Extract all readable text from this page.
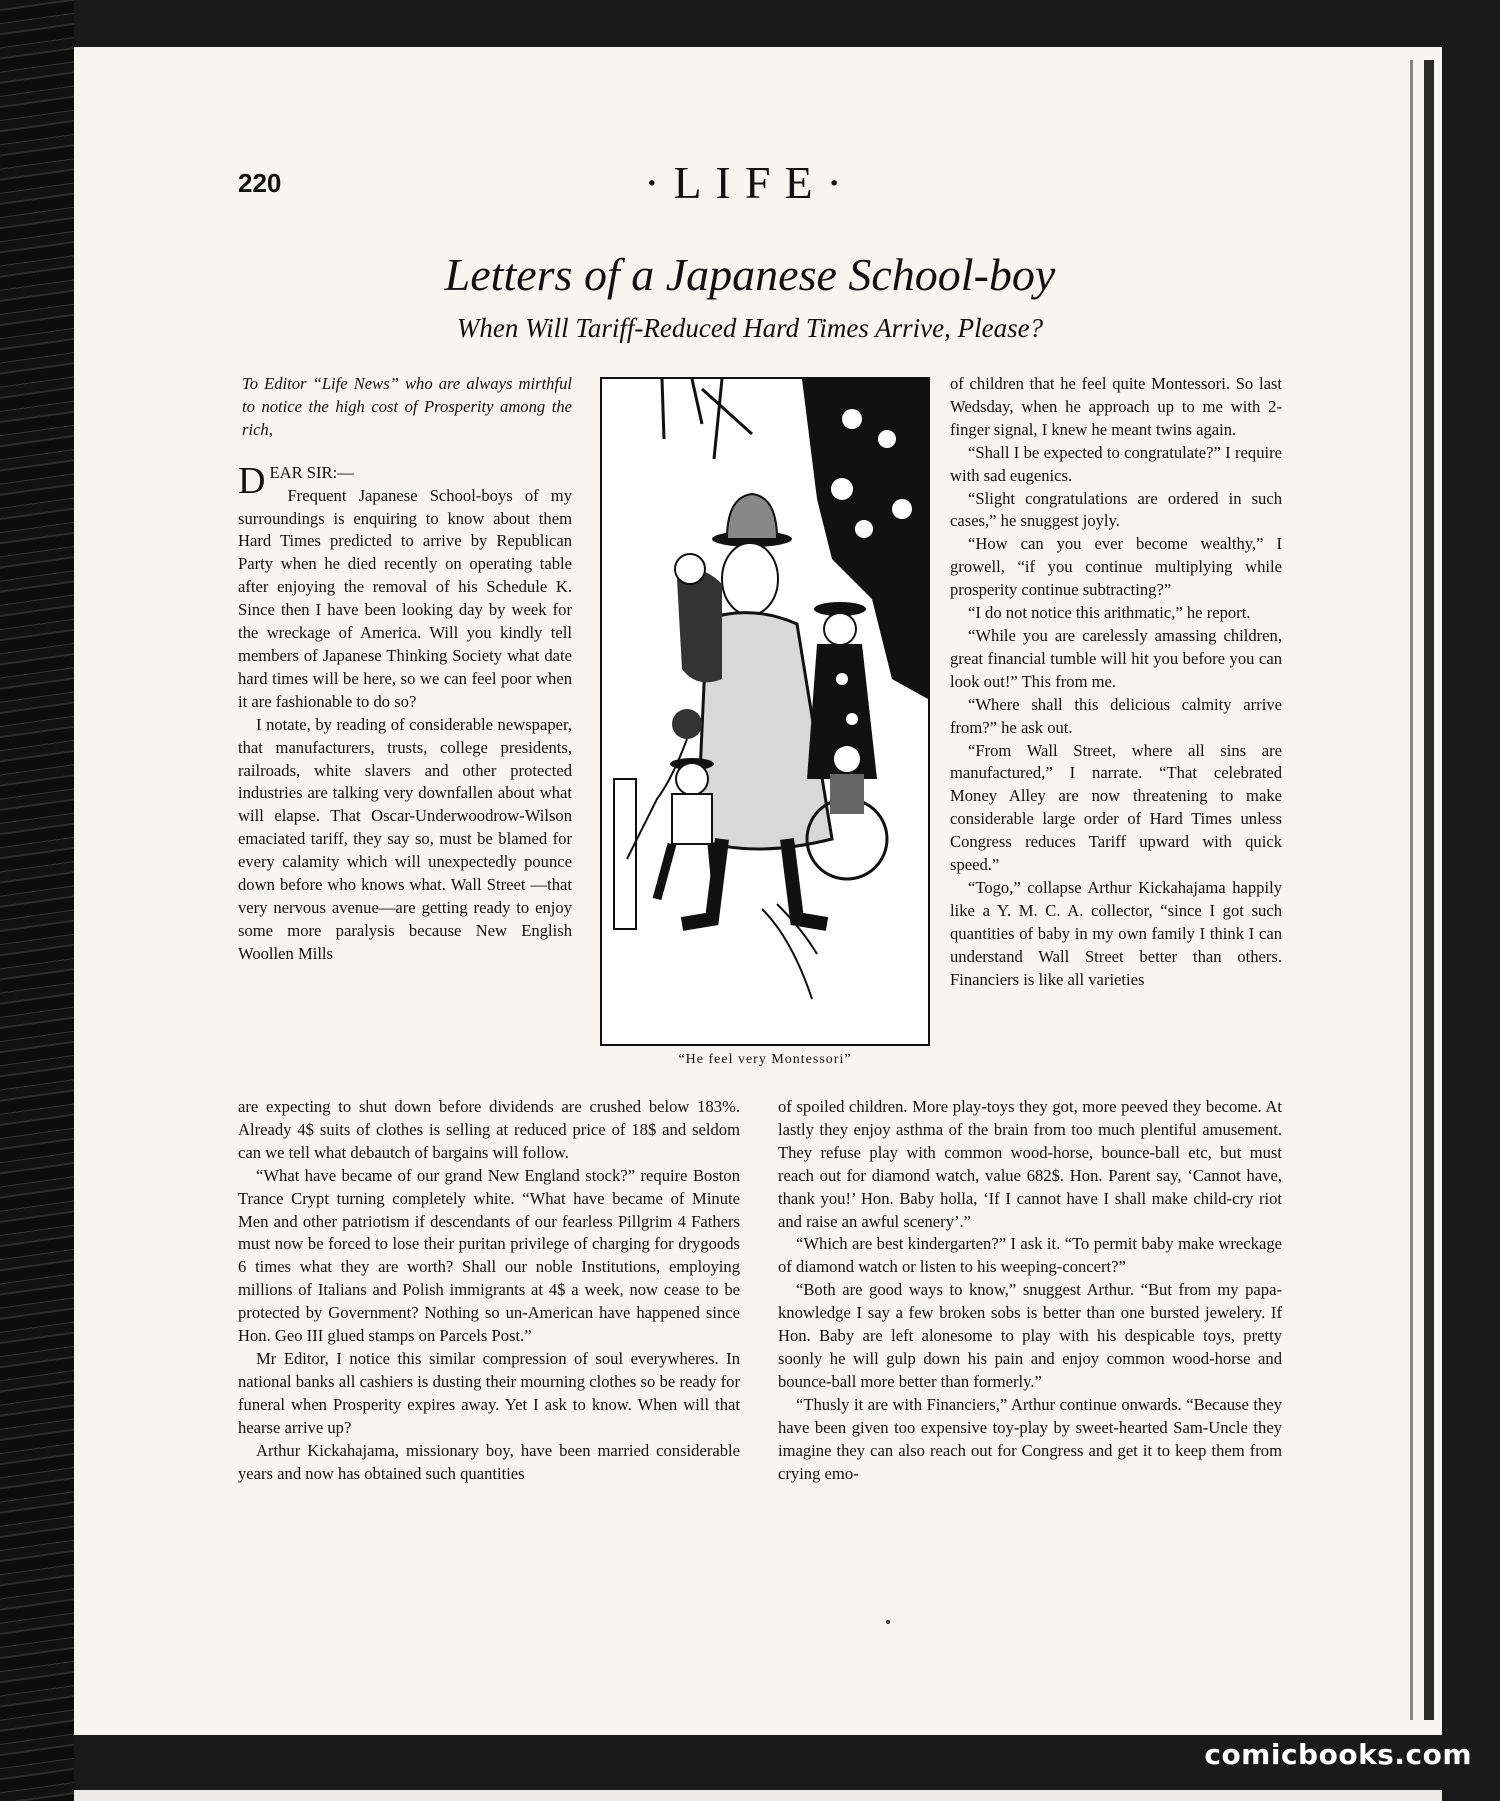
220	·LIFE·
Letters of a Japanese School-boy
When Will Tariff-Reduced Hard Times Arrive, Please?

To Editor “Life News” who are always mirthful to notice the high cost of Prosperity among the rich,

DEAR SIR:—

Frequent Japanese School-boys of my surroundings is enquiring to know about them Hard Times predicted to arrive by Republican Party when he died recently on operating table after enjoying the removal of his Schedule K. Since then I have been looking day by week for the wreckage of America. Will you kindly tell members of Japanese Thinking Society what date hard times will be here, so we can feel poor when it are fashionable to do so?

I notate, by reading of considerable newspaper, that manufacturers, trusts, college presidents, railroads, white slavers and other protected industries are talking very downfallen about what will elapse. That Oscar-Underwoodrow-Wilson emaciated tariff, they say so, must be blamed for every calamity which will unexpectedly pounce down before who knows what. Wall Street —that very nervous avenue—are getting ready to enjoy some more paralysis because New English Woollen Mills

“He feel very Montessori”

of children that he feel quite Montessori. So last Wedsday, when he approach up to me with 2-finger signal, I knew he meant twins again.

“Shall I be expected to congratulate?” I require with sad eugenics.

“Slight congratulations are ordered in such cases,” he snuggest joyly.

“How can you ever become wealthy,” I growell, “if you continue multiplying while prosperity continue subtracting?”

“I do not notice this arithmatic,” he report.

“While you are carelessly amassing children, great financial tumble will hit you before you can look out!” This from me.

“Where shall this delicious calmity arrive from?” he ask out.

“From Wall Street, where all sins are manufactured,” I narrate. “That celebrated Money Alley are now threatening to make considerable large order of Hard Times unless Congress reduces Tariff upward with quick speed.”

“Togo,” collapse Arthur Kickahajama happily like a Y. M. C. A. collector, “since I got such quantities of baby in my own family I think I can understand Wall Street better than others. Financiers is like all varieties

are expecting to shut down before dividends are crushed below 183%. Already 4$ suits of clothes is selling at reduced price of 18$ and seldom can we tell what debautch of bargains will follow.

“What have became of our grand New England stock?” require Boston Trance Crypt turning completely white. “What have became of Minute Men and other patriotism if descendants of our fearless Pillgrim 4 Fathers must now be forced to lose their puritan privilege of charging for drygoods 6 times what they are worth? Shall our noble Institutions, employing millions of Italians and Polish immigrants at 4$ a week, now cease to be protected by Government? Nothing so un-American have happened since Hon. Geo III glued stamps on Parcels Post.”

Mr Editor, I notice this similar compression of soul everywheres. In national banks all cashiers is dusting their mourning clothes so be ready for funeral when Prosperity expires away. Yet I ask to know. When will that hearse arrive up?

Arthur Kickahajama, missionary boy, have been married considerable years and now has obtained such quantities

of spoiled children. More play-toys they got, more peeved they become. At lastly they enjoy asthma of the brain from too much plentiful amusement. They refuse play with common wood-horse, bounce-ball etc, but must reach out for diamond watch, value 682$. Hon. Parent say, ‘Cannot have, thank you!’ Hon. Baby holla, ‘If I cannot have I shall make child-cry riot and raise an awful scenery’.”

“Which are best kindergarten?” I ask it. “To permit baby make wreckage of diamond watch or listen to his weeping-concert?”

“Both are good ways to know,” snuggest Arthur. “But from my papa-knowledge I say a few broken sobs is better than one bursted jewelery. If Hon. Baby are left alonesome to play with his despicable toys, pretty soonly he will gulp down his pain and enjoy common wood-horse and bounce-ball more better than formerly.”

“Thusly it are with Financiers,” Arthur continue onwards. “Because they have been given too expensive toy-play by sweet-hearted Sam-Uncle they imagine they can also reach out for Congress and get it to keep them from crying emo-

comicbooks.com
